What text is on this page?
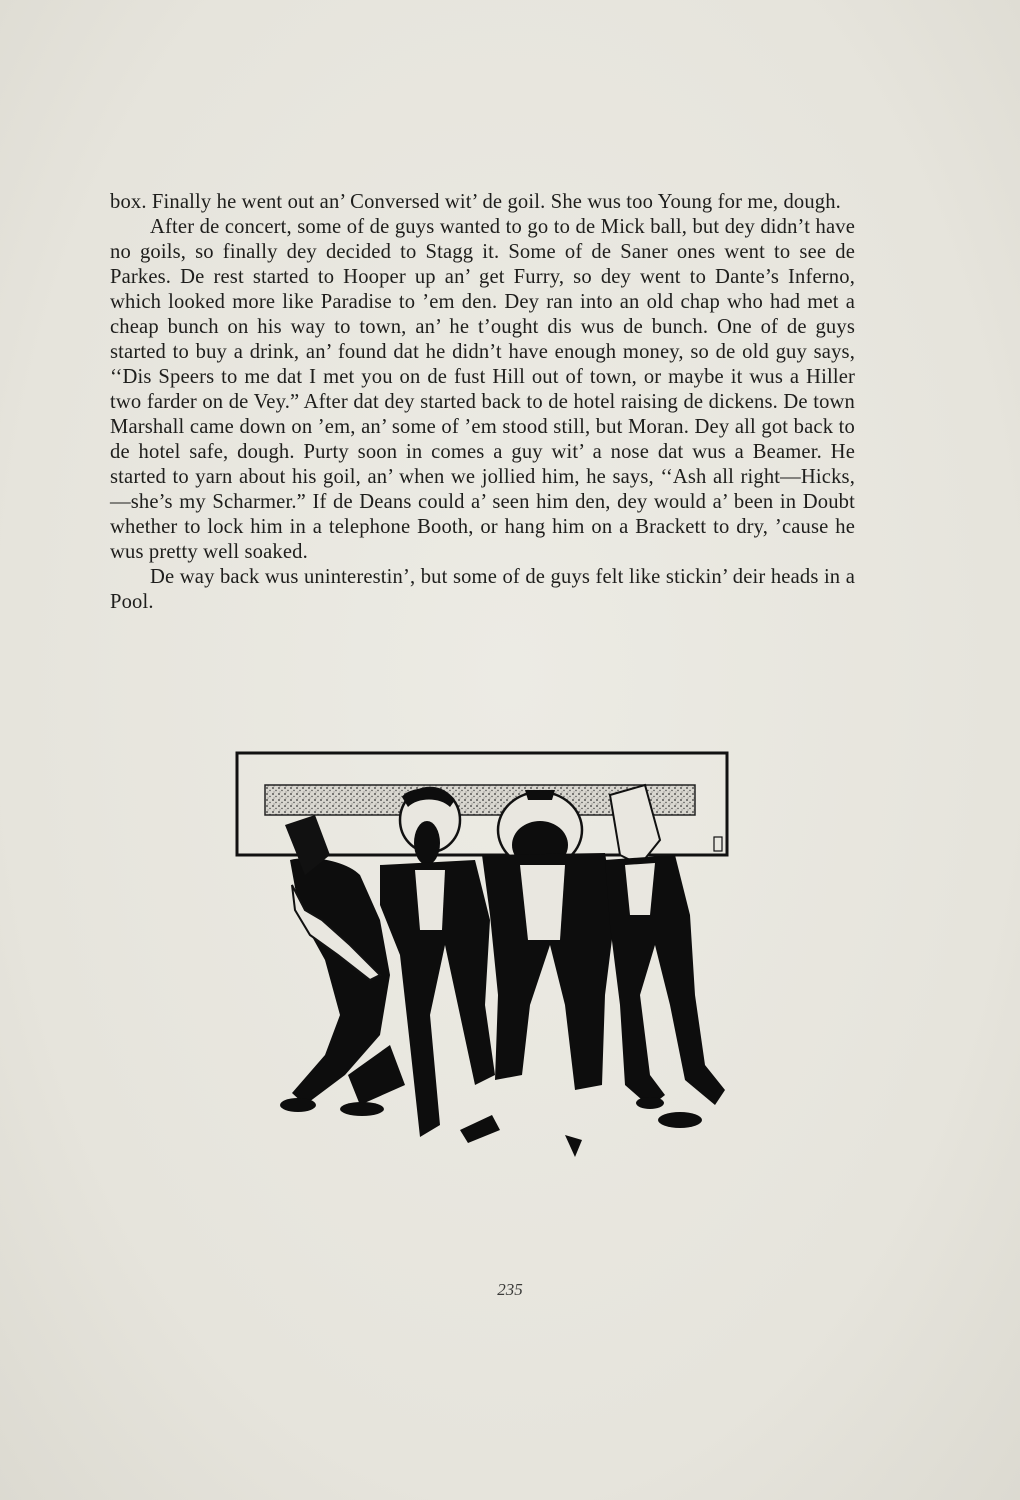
box. Finally he went out an’ Conversed wit’ de goil. She wus too Young for me, dough.

After de concert, some of de guys wanted to go to de Mick ball, but dey didn’t have no goils, so finally dey decided to Stagg it. Some of de Saner ones went to see de Parkes. De rest started to Hooper up an’ get Furry, so dey went to Dante’s Inferno, which looked more like Paradise to ’em den. Dey ran into an old chap who had met a cheap bunch on his way to town, an’ he t’ought dis wus de bunch. One of de guys started to buy a drink, an’ found dat he didn’t have enough money, so de old guy says, ‘‘Dis Speers to me dat I met you on de fust Hill out of town, or maybe it wus a Hiller two farder on de Vey.” After dat dey started back to de hotel raising de dickens. De town Marshall came down on ’em, an’ some of ’em stood still, but Moran. Dey all got back to de hotel safe, dough. Purty soon in comes a guy wit’ a nose dat wus a Beamer. He started to yarn about his goil, an’ when we jollied him, he says, ‘‘Ash all right—Hicks,—she’s my Scharmer.” If de Deans could a’ seen him den, dey would a’ been in Doubt whether to lock him in a telephone Booth, or hang him on a Brackett to dry, ’cause he wus pretty well soaked.

De way back wus uninterestin’, but some of de guys felt like stickin’ deir heads in a Pool.

235
